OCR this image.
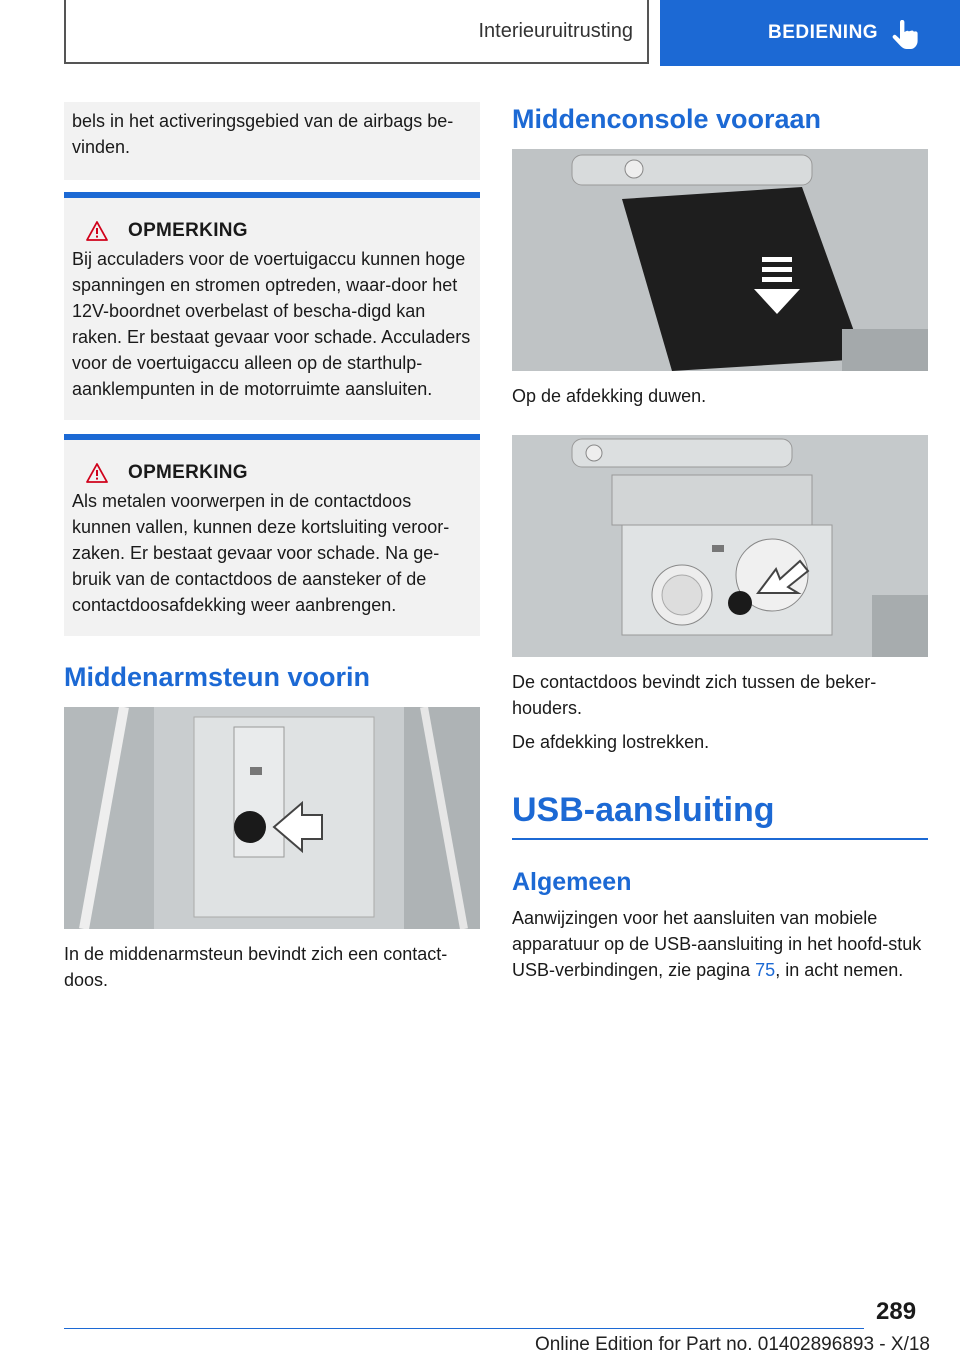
Interieuruitrusting	BEDIENING
bels in het activeringsgebied van de airbags be-vinden.
OPMERKING
Bij acculaders voor de voertuigaccu kunnen hoge spanningen en stromen optreden, waar-door het 12V-boordnet overbelast of bescha-digd kan raken. Er bestaat gevaar voor schade. Acculaders voor de voertuigaccu alleen op de starthulp-aanklempunten in de motorruimte aansluiten.
OPMERKING
Als metalen voorwerpen in de contactdoos kunnen vallen, kunnen deze kortsluiting veroor-zaken. Er bestaat gevaar voor schade. Na ge-bruik van de contactdoos de aansteker of de contactdoosafdekking weer aanbrengen.
Middenarmsteun voorin

In de middenarmsteun bevindt zich een contact-doos.

Middenconsole vooraan

Op de afdekking duwen.

De contactdoos bevindt zich tussen de beker-houders.

De afdekking lostrekken.

USB-aansluiting
Algemeen

Aanwijzingen voor het aansluiten van mobiele apparatuur op de USB-aansluiting in het hoofd-stuk USB-verbindingen, zie pagina 75, in acht nemen.

289
Online Edition for Part no. 01402896893 - X/18
